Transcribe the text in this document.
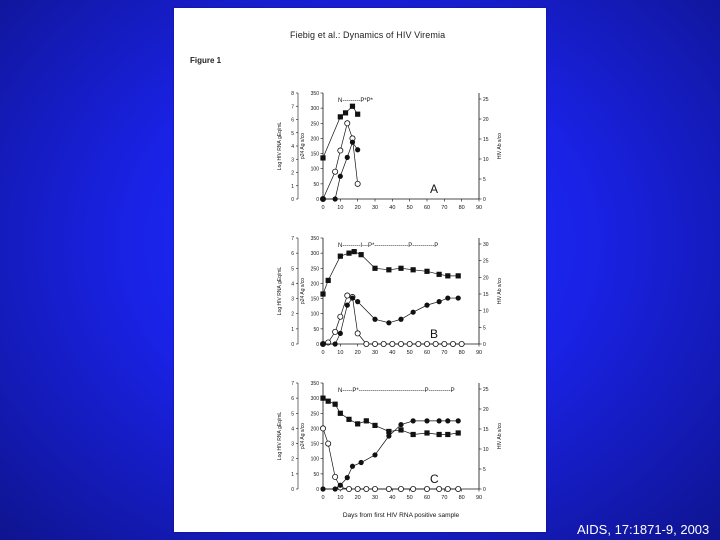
Fiebig et al.: Dynamics of HIV Viremia
Figure 1
0 10 20 30 40 50 60 70 80 90
350
300
250
200
150
100
50
0
8
7
6
5
4
3
2
1
0
25
20
15
10
5
0
Log HIV RNA gEq/mL	p24 Ag s/co	HIV Ab s/co
N---------P*P*
A
0 10 20 30 40 50 60 70 80 90
350
300
250
200
150
100
50
0
7
6
5
4
3
2
1
0
30
25
20
15
10
5
0
Log HIV RNA gEq/mL	p24 Ag s/co	HIV Ab s/co
N---------I---P*-----------------P-----------P
B
0 10 20 30 40 50 60 70 80 90
350
300
250
200
150
100
50
0
7
6
5
4
3
2
1
0
25
20
15
10
5
0
Log HIV RNA gEq/mL	p24 Ag s/co	HIV Ab s/co
N-----P*---------------------------------P-----------P
C
Days from first HIV RNA positive sample
AIDS, 17:1871-9, 2003
